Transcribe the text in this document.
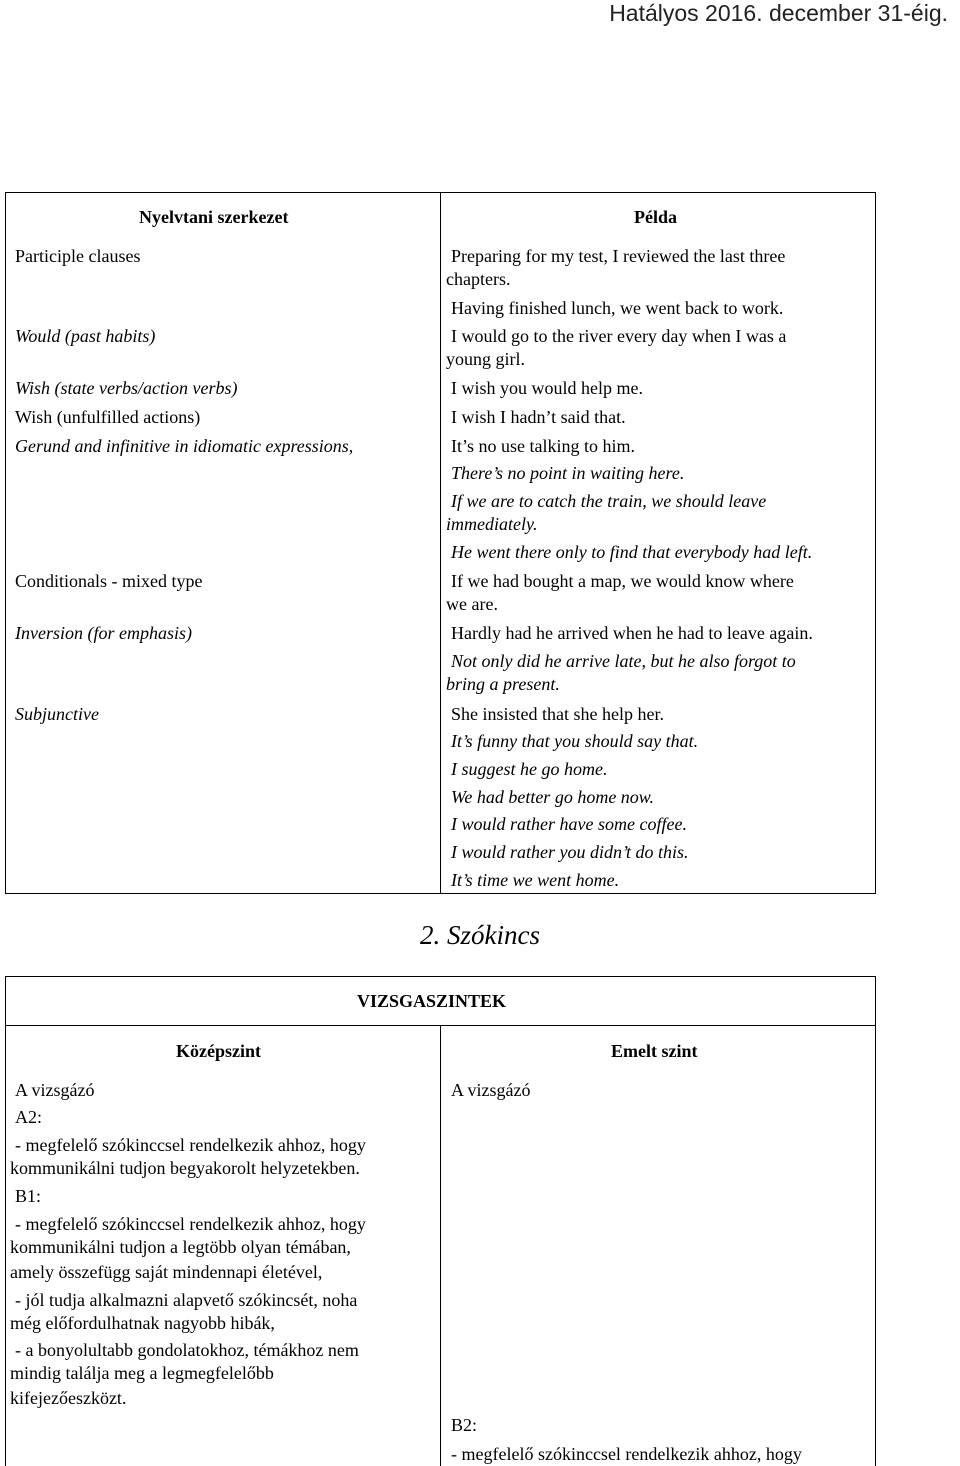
Hatályos 2016. december 31-éig.
Nyelvtani szerkezet	Példa
Participle clauses
Would (past habits)
Wish (state verbs/action verbs)
Wish (unfulfilled actions)
Gerund and infinitive in idiomatic expressions,
Conditionals - mixed type
Inversion (for emphasis)
Subjunctive
Preparing for my test, I reviewed the last three
chapters.
Having finished lunch, we went back to work.
I would go to the river every day when I was a
young girl.
I wish you would help me.
I wish I hadn’t said that.
It’s no use talking to him.
There’s no point in waiting here.
If we are to catch the train, we should leave
immediately.
He went there only to find that everybody had left.
If we had bought a map, we would know where
we are.
Hardly had he arrived when he had to leave again.
Not only did he arrive late, but he also forgot to
bring a present.
She insisted that she help her.
It’s funny that you should say that.
I suggest he go home.
We had better go home now.
I would rather have some coffee.
I would rather you didn’t do this.
It’s time we went home.
2. Szókincs
VIZSGASZINTEK
Középszint	Emelt szint
A vizsgázó
A2:
- megfelelő szókinccsel rendelkezik ahhoz, hogy
kommunikálni tudjon begyakorolt helyzetekben.
B1:
- megfelelő szókinccsel rendelkezik ahhoz, hogy
kommunikálni tudjon a legtöbb olyan témában,
amely összefügg saját mindennapi életével,
- jól tudja alkalmazni alapvető szókincsét, noha
még előfordulhatnak nagyobb hibák,
- a bonyolultabb gondolatokhoz, témákhoz nem
mindig találja meg a legmegfelelőbb
kifejezőeszközt.
A vizsgázó
B2:
- megfelelő szókinccsel rendelkezik ahhoz, hogy
